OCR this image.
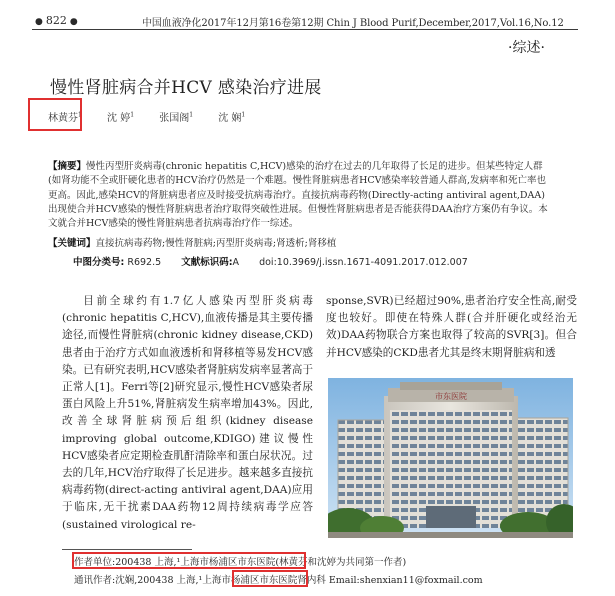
● 822 ●	中国血液净化2017年12月第16卷第12期 Chin J Blood Purif,December,2017,Vol.16,No.12
·综述·
慢性肾脏病合并HCV 感染治疗进展
林黄芬$^1$	沈 婷$^1$	张国阁$^1$	沈 娴$^1$
【摘要】慢性丙型肝炎病毒(chronic hepatitis C,HCV)感染的治疗在过去的几年取得了长足的进步。但某些特定人群(如肾功能不全或肝硬化患者的HCV治疗仍然是一个难题。慢性肾脏病患者HCV感染率较普通人群高,发病率和死亡率也更高。因此,感染HCV的肾脏病患者应及时接受抗病毒治疗。直接抗病毒药物(Directly-acting antiviral agent,DAA)出现使合并HCV感染的慢性肾脏病患者治疗取得突破性进展。但慢性肾脏病患者是否能获得DAA治疗方案仍有争议。本文就合并HCV感染的慢性肾脏病患者抗病毒治疗作一综述。
【关键词】直接抗病毒药物;慢性肾脏病;丙型肝炎病毒;肾透析;肾移植
中图分类号: R692.5 文献标识码:A doi:10.3969/j.issn.1671-4091.2017.012.007
目前全球约有1.7亿人感染丙型肝炎病毒(chronic hepatitis C,HCV),血液传播是其主要传播途径,而慢性肾脏病(chronic kidney disease,CKD)患者由于治疗方式如血液透析和肾移植等易发HCV感染。已有研究表明,HCV感染者肾脏病发病率显著高于正常人[1]。Ferri等[2]研究显示,慢性HCV感染者尿蛋白风险上升51%,肾脏病发生病率增加43%。因此,改善全球肾脏病预后组织(kidney disease improving global outcome,KDIGO)建议慢性HCV感染者应定期检查肌酐清除率和蛋白尿状况。过去的几年,HCV治疗取得了长足进步。越来越多直接抗病毒药物(direct-acting antiviral agent,DAA)应用于临床,无干扰素DAA药物12周持续病毒学应答(sustained virological re-

sponse,SVR)已经超过90%,患者治疗安全性高,耐受度也较好。即使在特殊人群(合并肝硬化或经治无效)DAA药物联合方案也取得了较高的SVR[3]。但合并HCV感染的CKD患者尤其是终末期肾脏病和透

市东医院
作者单位:200438 上海,¹上海市杨浦区市东医院(林黄芬和沈婷为共同第一作者)
通讯作者:沈娴,200438 上海,¹上海市杨浦区市东医院肾内科 Email:shenxian11@foxmail.com
